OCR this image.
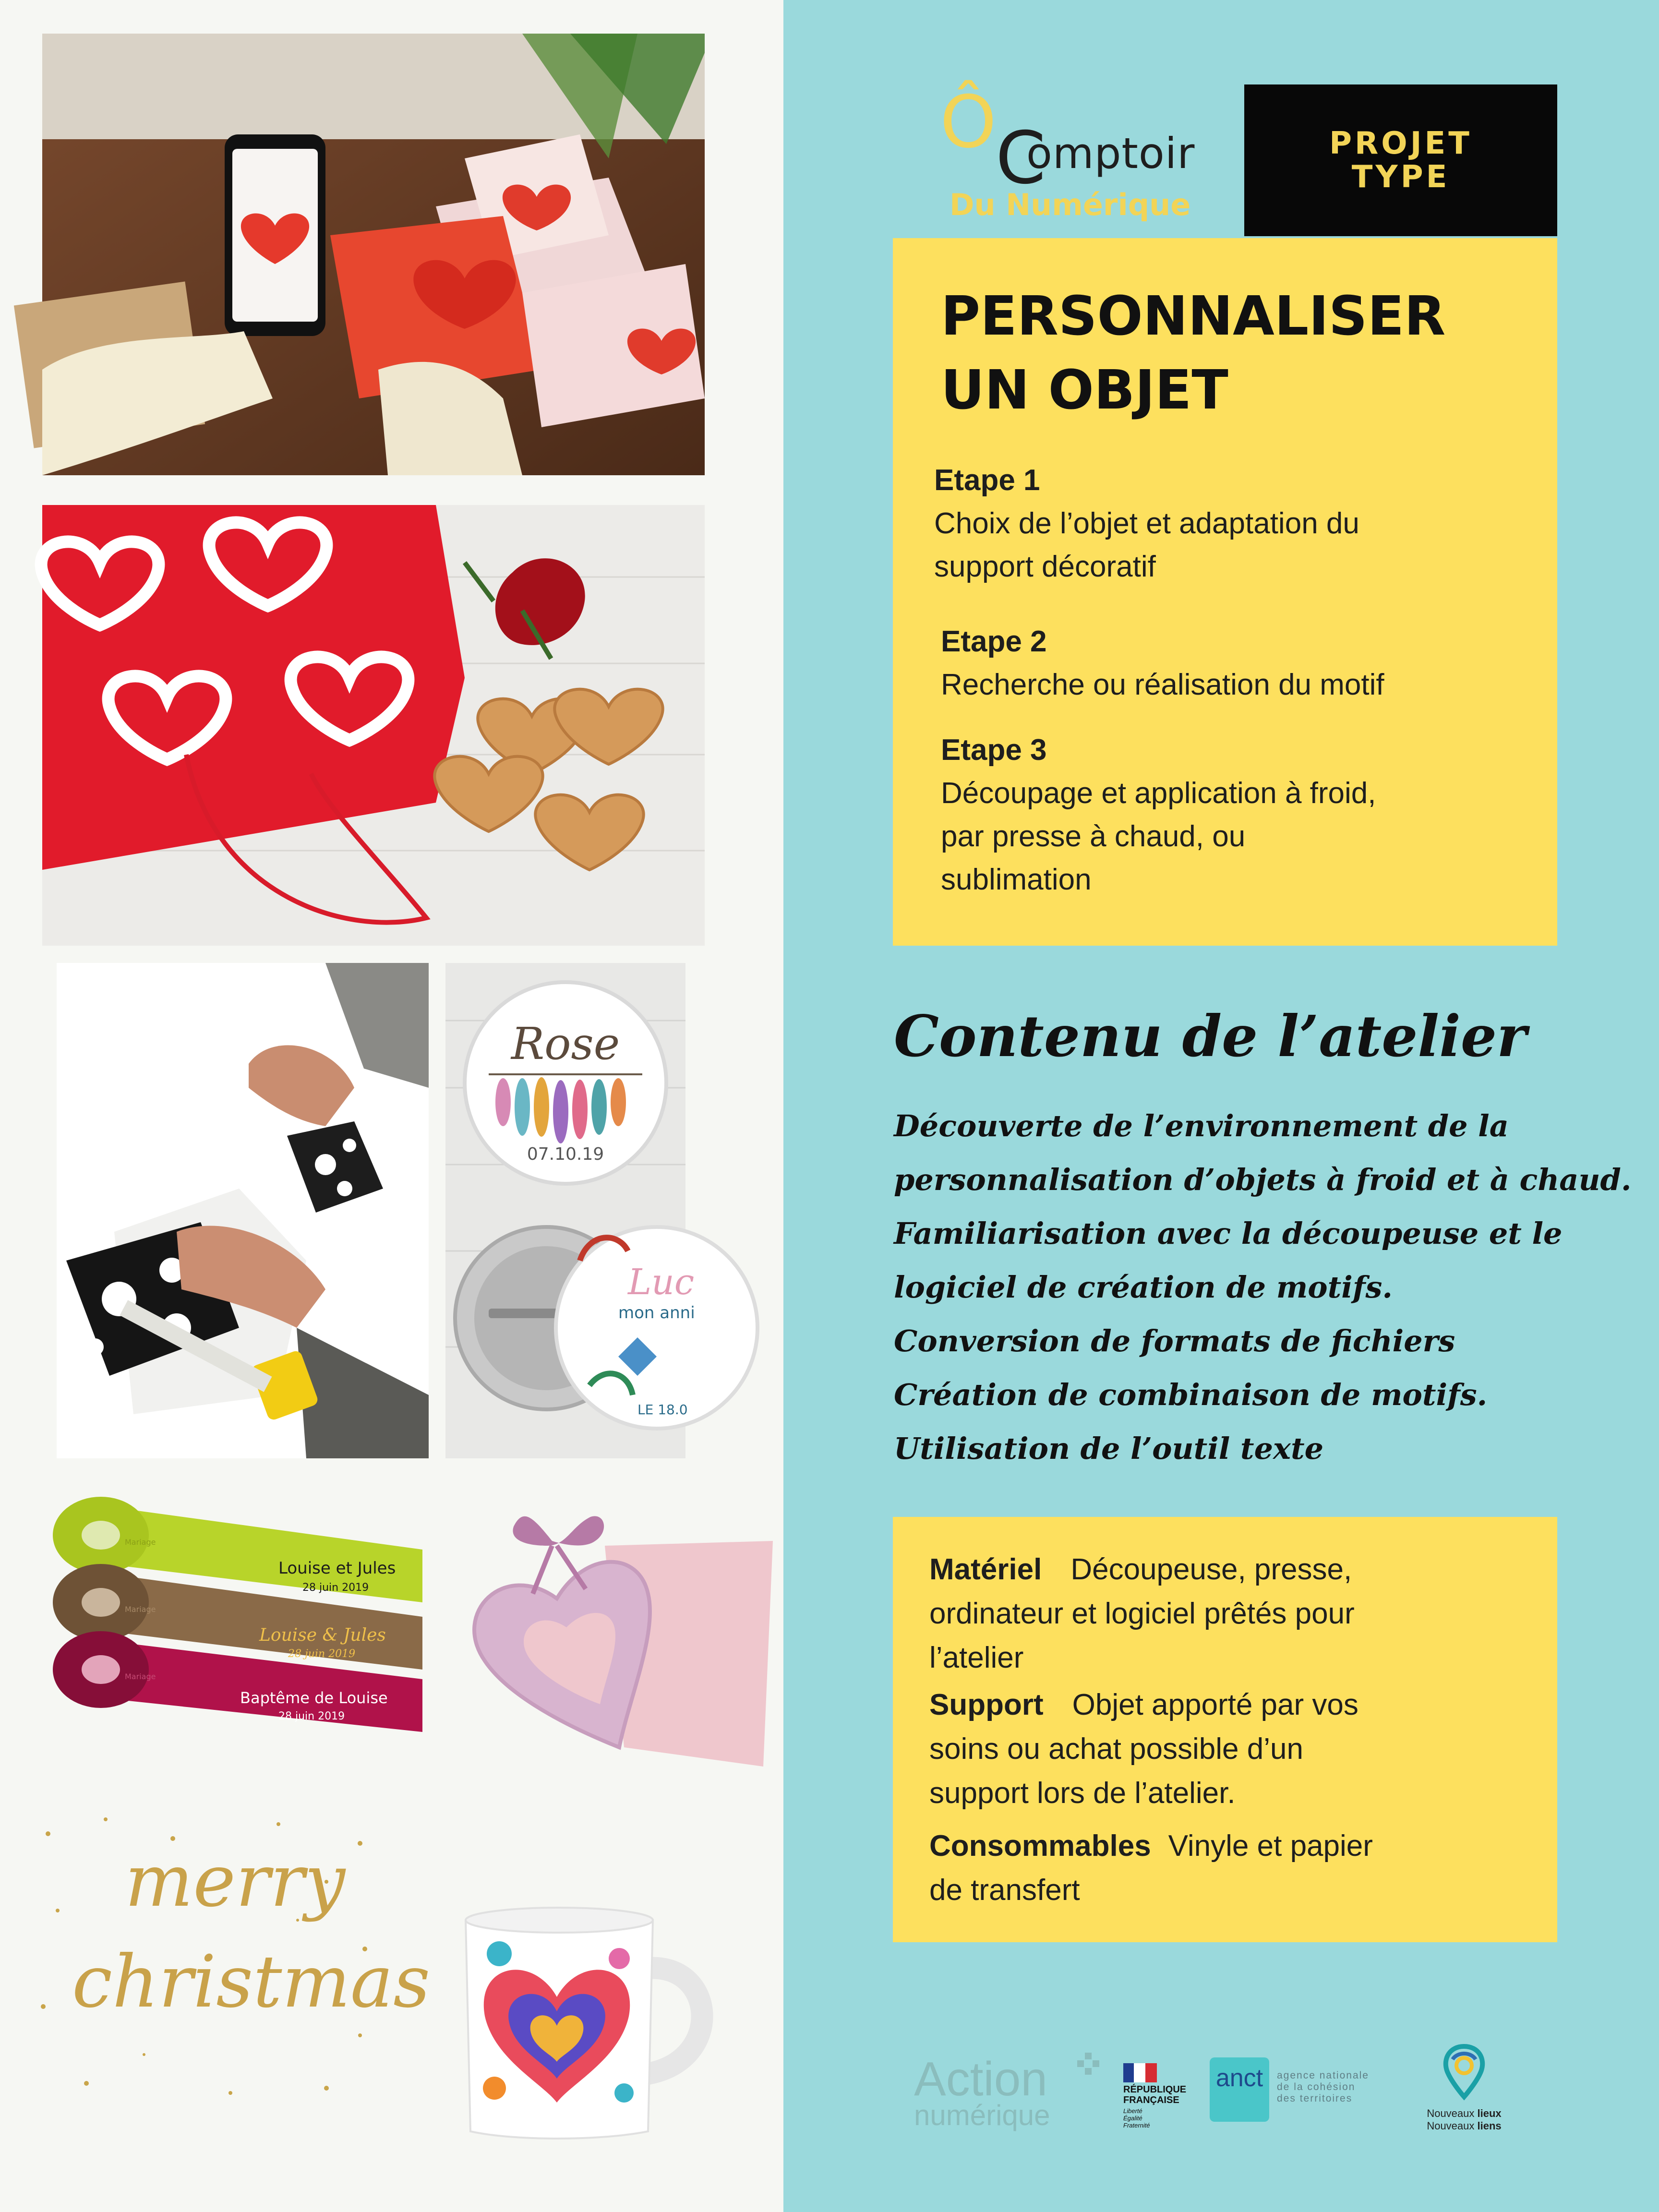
Rose
07.10.19
Luc
mon anni
LE 18.0
Mariage
Louise et Jules
28 juin 2019
Mariage
Louise & Jules
28 juin 2019
Mariage
Baptême de Louise
28 juin 2019
merry
christmas
Ô
C
omptoir
Du Numérique
PROJET
TYPE
PERSONNALISER
UN OBJET
Etape 1
Choix de l’objet et adaptation du
support décoratif
Etape 2
Recherche ou réalisation du motif
Etape 3
Découpage et application à froid,
par presse à chaud, ou
sublimation
Contenu de l’atelier
Découverte de l’environnement de la
personnalisation d’objets à froid et à chaud.
Familiarisation avec la découpeuse et le
logiciel de création de motifs.
Conversion de formats de fichiers
Création de combinaison de motifs.
Utilisation de l’outil texte
Matériel Découpeuse, presse,
ordinateur et logiciel prêtés pour
l’atelier
Support Objet apporté par vos
soins ou achat possible d’un
support lors de l’atelier.
Consommables Vinyle et papier
de transfert
Action
numérique
RÉPUBLIQUE
FRANÇAISE
Liberté
Égalité
Fraternité
anct agence nationale
de la cohésion
des territoires
Nouveaux lieux
Nouveaux liens
